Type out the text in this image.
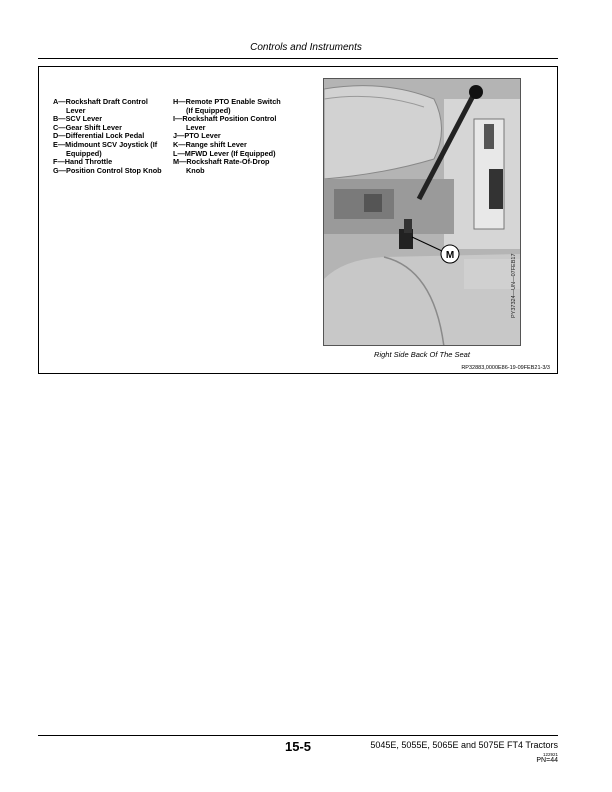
Controls and Instruments
A—Rockshaft Draft Control
Lever
B—SCV Lever
C—Gear Shift Lever
D—Differential Lock Pedal
E—Midmount SCV Joystick (If
Equipped)
F—Hand Throttle
G—Position Control Stop Knob
H—Remote PTO Enable Switch
(If Equipped)
I—Rockshaft Position Control
Lever
J—PTO Lever
K—Range shift Lever
L—MFWD Lever (If Equipped)
M—Rockshaft Rate-Of-Drop
Knob
M	PY37324—UN—07FEB17
Right Side Back Of The Seat
RP32883,0000E86-19-09FEB21-3/3
15-5	5045E, 5055E, 5065E and 5075E FT4 Tractors
122921
PN=44
